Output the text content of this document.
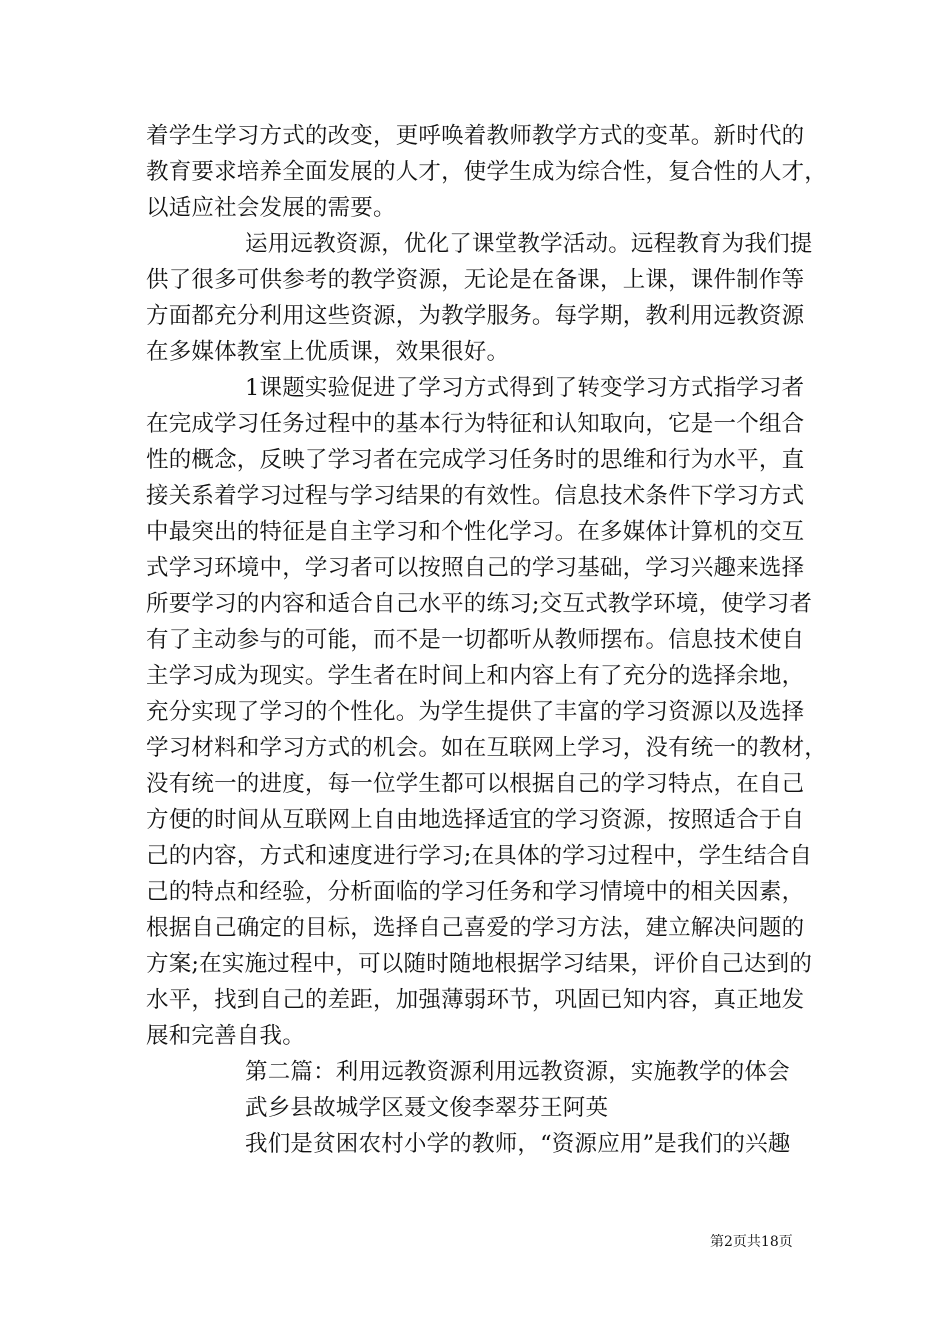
着学生学习方式的改变，更呼唤着教师教学方式的变革。新时代的
教育要求培养全面发展的人才，使学生成为综合性，复合性的人才，
以适应社会发展的需要。
运用远教资源，优化了课堂教学活动。远程教育为我们提
供了很多可供参考的教学资源，无论是在备课，上课，课件制作等
方面都充分利用这些资源，为教学服务。每学期，教利用远教资源
在多媒体教室上优质课，效果很好。
1课题实验促进了学习方式得到了转变学习方式指学习者
在完成学习任务过程中的基本行为特征和认知取向，它是一个组合
性的概念，反映了学习者在完成学习任务时的思维和行为水平，直
接关系着学习过程与学习结果的有效性。信息技术条件下学习方式
中最突出的特征是自主学习和个性化学习。在多媒体计算机的交互
式学习环境中，学习者可以按照自己的学习基础，学习兴趣来选择
所要学习的内容和适合自己水平的练习;交互式教学环境，使学习者
有了主动参与的可能，而不是一切都听从教师摆布。信息技术使自
主学习成为现实。学生者在时间上和内容上有了充分的选择余地，
充分实现了学习的个性化。为学生提供了丰富的学习资源以及选择
学习材料和学习方式的机会。如在互联网上学习，没有统一的教材，
没有统一的进度，每一位学生都可以根据自己的学习特点，在自己
方便的时间从互联网上自由地选择适宜的学习资源，按照适合于自
己的内容，方式和速度进行学习;在具体的学习过程中，学生结合自
己的特点和经验，分析面临的学习任务和学习情境中的相关因素，
根据自己确定的目标，选择自己喜爱的学习方法，建立解决问题的
方案;在实施过程中，可以随时随地根据学习结果，评价自己达到的
水平，找到自己的差距，加强薄弱环节，巩固已知内容，真正地发
展和完善自我。
第二篇：利用远教资源利用远教资源，实施教学的体会
武乡县故城学区聂文俊李翠芬王阿英
我们是贫困农村小学的教师，“资源应用”是我们的兴趣
第2页共18页
